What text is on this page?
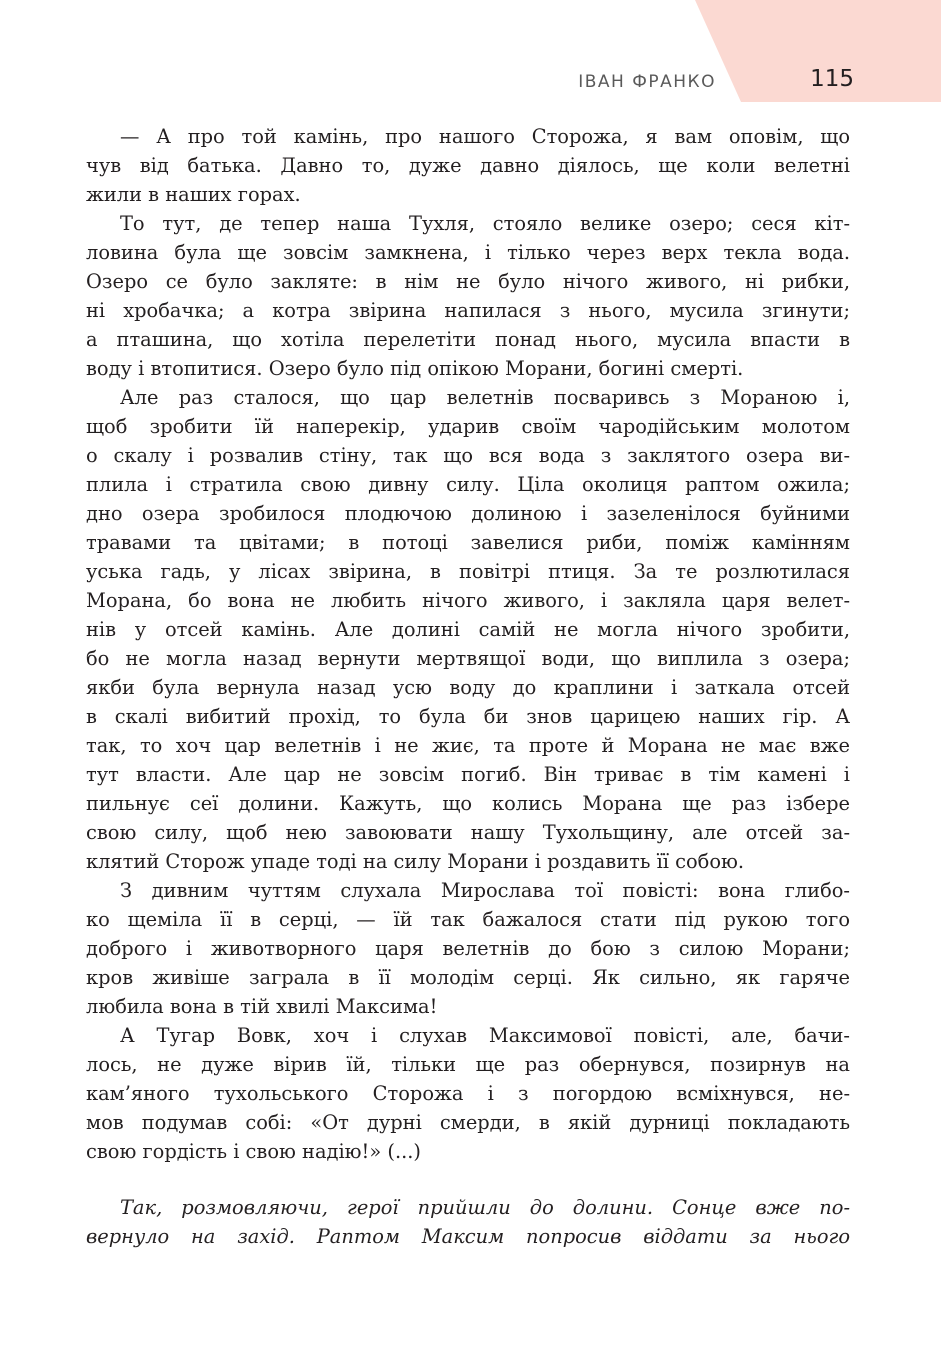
ІВАН ФРАНКО	115
— А про той камінь, про нашого Сторожа, я вам оповім, що
чув від батька. Давно то, дуже давно діялось, ще коли велетні
жили в наших горах.
То тут, де тепер наша Тухля, стояло велике озеро; сеся кіт-
ловина була ще зовсім замкнена, і тілько через верх текла вода.
Озеро се було закляте: в нім не було нічого живого, ні рибки,
ні хробачка; а котра звірина напилася з нього, мусила згинути;
а пташина, що хотіла перелетіти понад нього, мусила впасти в
воду і втопитися. Озеро було під опікою Морани, богині смерті.
Але раз сталося, що цар велетнів посваривсь з Мораною і,
щоб зробити їй наперекір, ударив своїм чародійським молотом
о скалу і розвалив стіну, так що вся вода з заклятого озера ви-
плила і стратила свою дивну силу. Ціла околиця раптом ожила;
дно озера зробилося плодючою долиною і зазеленілося буйними
травами та цвітами; в потоці завелися риби, поміж камінням
уська гадь, у лісах звірина, в повітрі птиця. За те розлютилася
Морана, бо вона не любить нічого живого, і закляла царя велет-
нів у отсей камінь. Але долині самій не могла нічого зробити,
бо не могла назад вернути мертвящої води, що виплила з озера;
якби була вернула назад усю воду до краплини і заткала отсей
в скалі вибитий прохід, то була би знов царицею наших гір. А
так, то хоч цар велетнів і не жиє, та проте й Морана не має вже
тут власти. Але цар не зовсім погиб. Він триває в тім камені і
пильнує сеї долини. Кажуть, що колись Морана ще раз ізбере
свою силу, щоб нею завоювати нашу Тухольщину, але отсей за-
клятий Сторож упаде тоді на силу Морани і роздавить її собою.
З дивним чуттям слухала Мирослава тої повісті: вона глибо-
ко щеміла її в серці, — їй так бажалося стати під рукою того
доброго і животворного царя велетнів до бою з силою Морани;
кров живіше заграла в її молодім серці. Як сильно, як гаряче
любила вона в тій хвилі Максима!
А Тугар Вовк, хоч і слухав Максимової повісті, але, бачи-
лось, не дуже вірив їй, тільки ще раз обернувся, позирнув на
кам’яного тухольського Сторожа і з погордою всміхнувся, не-
мов подумав собі: «От дурні смерди, в якій дурниці покладають
свою гордість і свою надію!» (...)
Так, розмовляючи, герої прийшли до долини. Сонце вже по-
вернуло на захід. Раптом Максим попросив віддати за нього
